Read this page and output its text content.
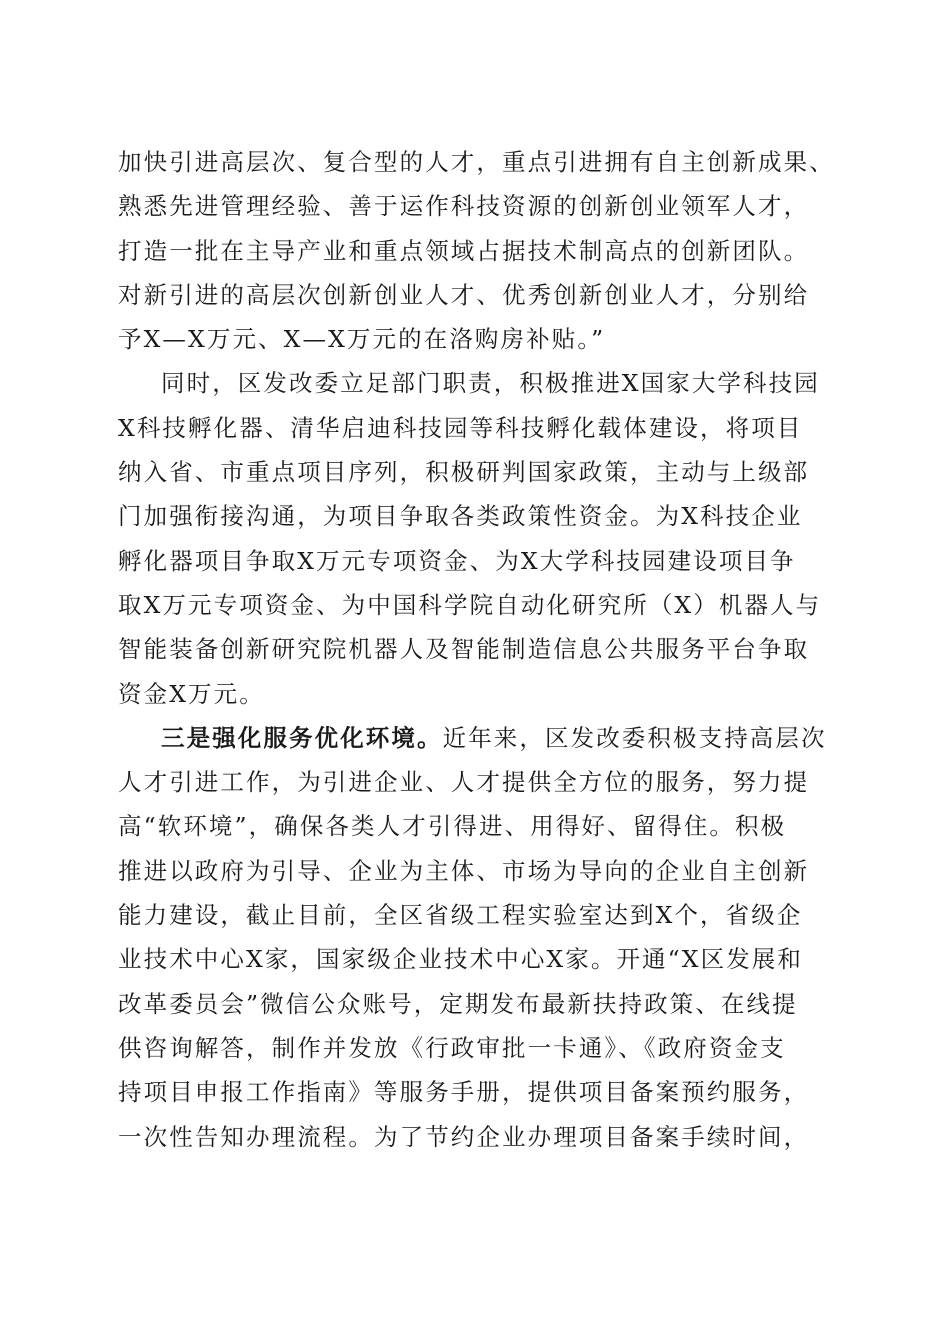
加快引进高层次、复合型的人才，重点引进拥有自主创新成果、
熟悉先进管理经验、善于运作科技资源的创新创业领军人才，
打造一批在主导产业和重点领域占据技术制高点的创新团队。
对新引进的高层次创新创业人才、优秀创新创业人才，分别给
予X—X万元、X—X万元的在洛购房补贴。”
同时，区发改委立足部门职责，积极推进X国家大学科技园
X科技孵化器、清华启迪科技园等科技孵化载体建设，将项目
纳入省、市重点项目序列，积极研判国家政策，主动与上级部
门加强衔接沟通，为项目争取各类政策性资金。为X科技企业
孵化器项目争取X万元专项资金、为X大学科技园建设项目争
取X万元专项资金、为中国科学院自动化研究所（X）机器人与
智能装备创新研究院机器人及智能制造信息公共服务平台争取
资金X万元。
三是强化服务优化环境。近年来，区发改委积极支持高层次
人才引进工作，为引进企业、人才提供全方位的服务，努力提
高“软环境”，确保各类人才引得进、用得好、留得住。积极
推进以政府为引导、企业为主体、市场为导向的企业自主创新
能力建设，截止目前，全区省级工程实验室达到X个，省级企
业技术中心X家，国家级企业技术中心X家。开通“X区发展和
改革委员会”微信公众账号，定期发布最新扶持政策、在线提
供咨询解答，制作并发放《行政审批一卡通》、《政府资金支
持项目申报工作指南》等服务手册，提供项目备案预约服务，
一次性告知办理流程。为了节约企业办理项目备案手续时间，
